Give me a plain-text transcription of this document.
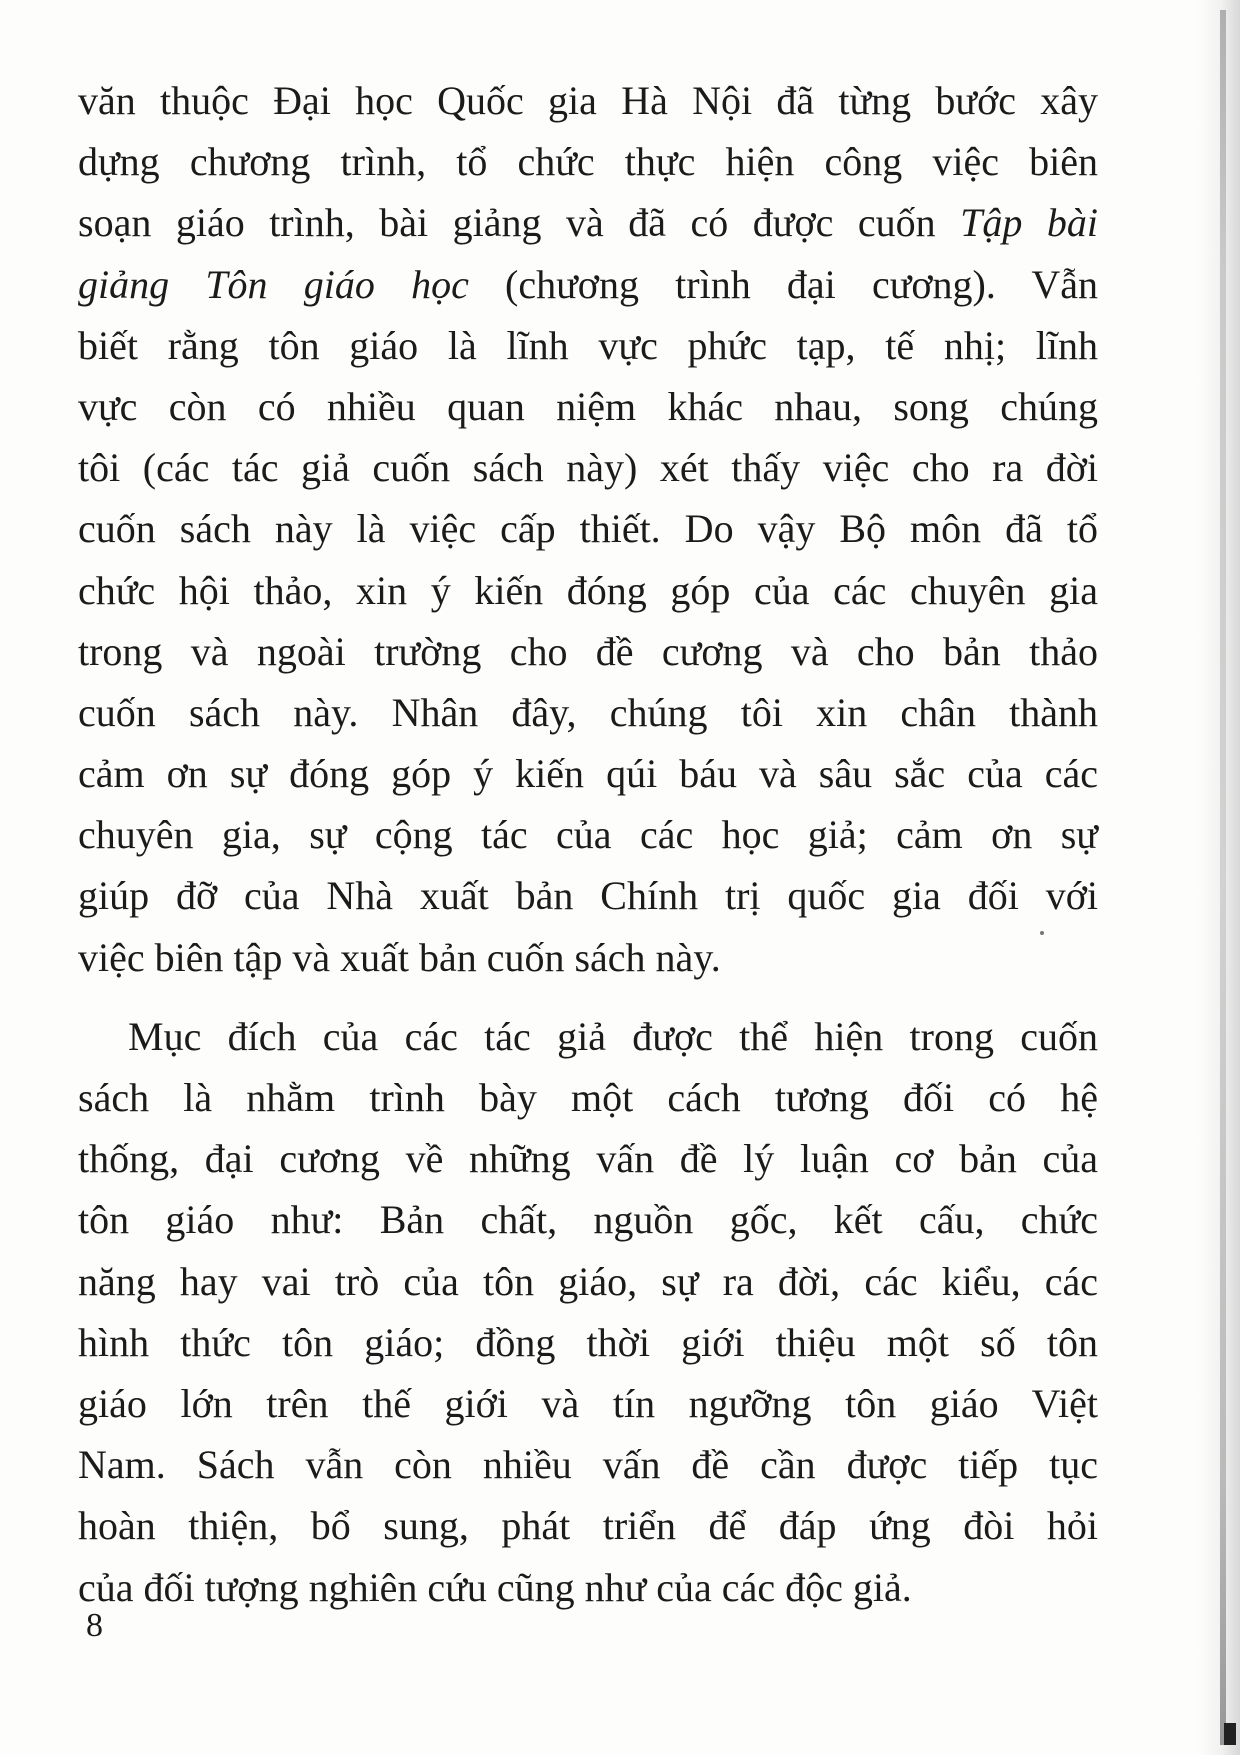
văn thuộc Đại học Quốc gia Hà Nội đã từng bước xây
dựng chương trình, tổ chức thực hiện công việc biên
soạn giáo trình, bài giảng và đã có được cuốn Tập bài
giảng Tôn giáo học (chương trình đại cương). Vẫn
biết rằng tôn giáo là lĩnh vực phức tạp, tế nhị; lĩnh
vực còn có nhiều quan niệm khác nhau, song chúng
tôi (các tác giả cuốn sách này) xét thấy việc cho ra đời
cuốn sách này là việc cấp thiết. Do vậy Bộ môn đã tổ
chức hội thảo, xin ý kiến đóng góp của các chuyên gia
trong và ngoài trường cho đề cương và cho bản thảo
cuốn sách này. Nhân đây, chúng tôi xin chân thành
cảm ơn sự đóng góp ý kiến qúi báu và sâu sắc của các
chuyên gia, sự cộng tác của các học giả; cảm ơn sự
giúp đỡ của Nhà xuất bản Chính trị quốc gia đối với
việc biên tập và xuất bản cuốn sách này.
Mục đích của các tác giả được thể hiện trong cuốn
sách là nhằm trình bày một cách tương đối có hệ
thống, đại cương về những vấn đề lý luận cơ bản của
tôn giáo như: Bản chất, nguồn gốc, kết cấu, chức
năng hay vai trò của tôn giáo, sự ra đời, các kiểu, các
hình thức tôn giáo; đồng thời giới thiệu một số tôn
giáo lớn trên thế giới và tín ngưỡng tôn giáo Việt
Nam. Sách vẫn còn nhiều vấn đề cần được tiếp tục
hoàn thiện, bổ sung, phát triển để đáp ứng đòi hỏi
của đối tượng nghiên cứu cũng như của các độc giả.
8
